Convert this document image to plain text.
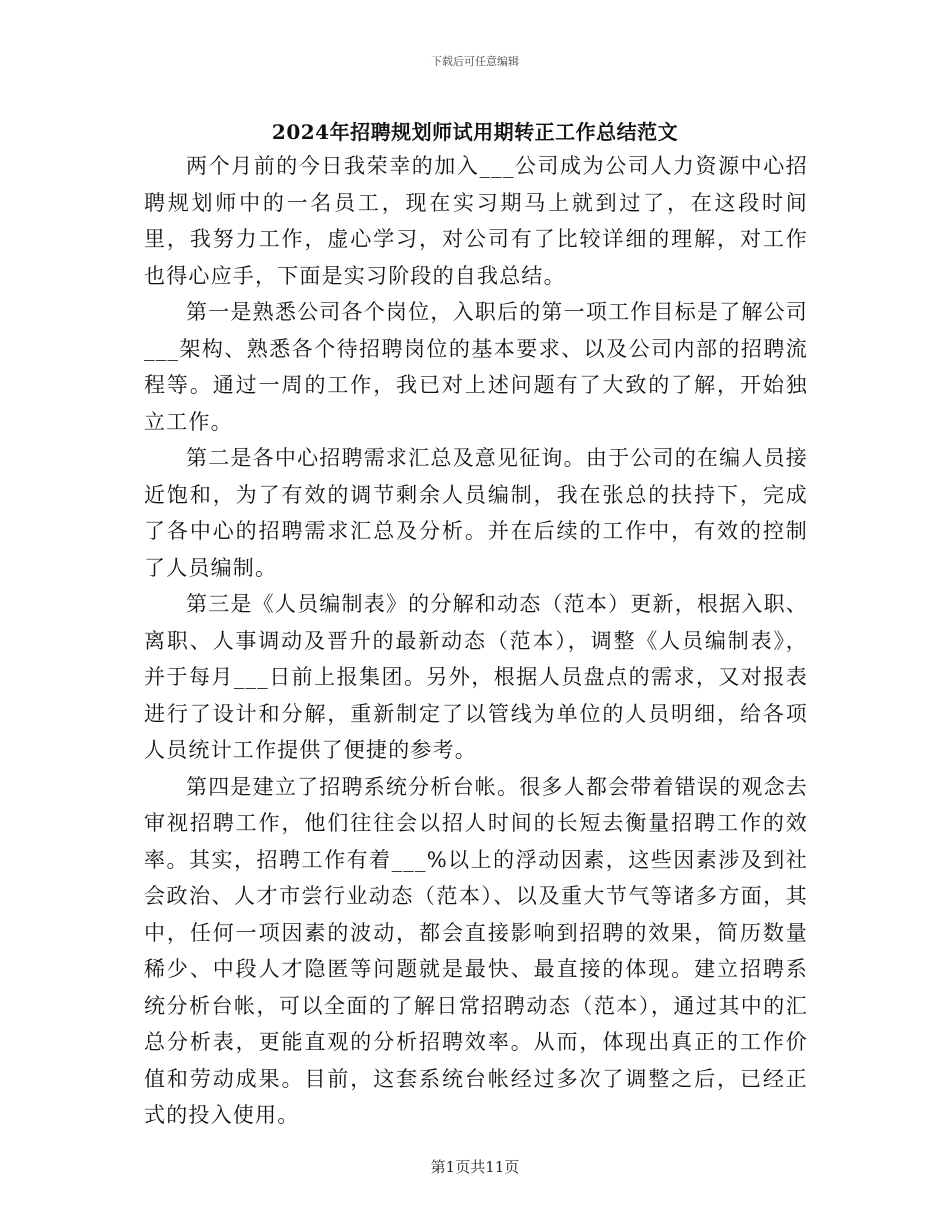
下载后可任意编辑
2024年招聘规划师试用期转正工作总结范文

两个月前的今日我荣幸的加入___公司成为公司人力资源中心招聘规划师中的一名员工，现在实习期马上就到过了，在这段时间里，我努力工作，虚心学习，对公司有了比较详细的理解，对工作也得心应手，下面是实习阶段的自我总结。

第一是熟悉公司各个岗位，入职后的第一项工作目标是了解公司___架构、熟悉各个待招聘岗位的基本要求、以及公司内部的招聘流程等。通过一周的工作，我已对上述问题有了大致的了解，开始独立工作。

第二是各中心招聘需求汇总及意见征询。由于公司的在编人员接近饱和，为了有效的调节剩余人员编制，我在张总的扶持下，完成了各中心的招聘需求汇总及分析。并在后续的工作中，有效的控制了人员编制。

第三是《人员编制表》的分解和动态（范本）更新，根据入职、离职、人事调动及晋升的最新动态（范本），调整《人员编制表》，并于每月___日前上报集团。另外，根据人员盘点的需求，又对报表进行了设计和分解，重新制定了以管线为单位的人员明细，给各项人员统计工作提供了便捷的参考。

第四是建立了招聘系统分析台帐。很多人都会带着错误的观念去审视招聘工作，他们往往会以招人时间的长短去衡量招聘工作的效率。其实，招聘工作有着___%以上的浮动因素，这些因素涉及到社会政治、人才市尝行业动态（范本）、以及重大节气等诸多方面，其中，任何一项因素的波动，都会直接影响到招聘的效果，简历数量稀少、中段人才隐匿等问题就是最快、最直接的体现。建立招聘系统分析台帐，可以全面的了解日常招聘动态（范本），通过其中的汇总分析表，更能直观的分析招聘效率。从而，体现出真正的工作价值和劳动成果。目前，这套系统台帐经过多次了调整之后，已经正式的投入使用。

第1页共11页
